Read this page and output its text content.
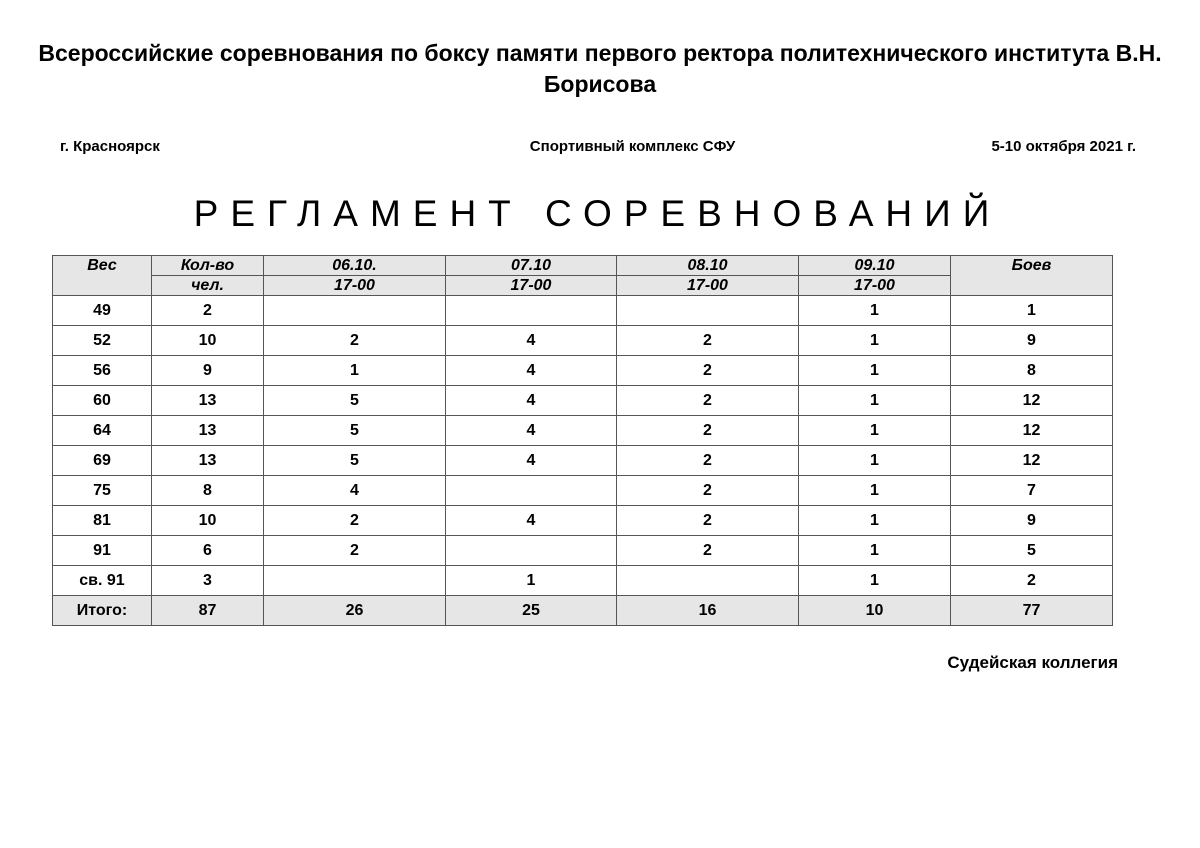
Всероссийские соревнования по боксу памяти первого ректора политехнического института В.Н. Борисова
г. Красноярск	Спортивный комплекс СФУ	5-10 октября 2021 г.
РЕГЛАМЕНТ СОРЕВНОВАНИЙ
Вес	Кол-во	06.10.	07.10	08.10	09.10	Боев
	чел.	17-00	17-00	17-00	17-00	
49	2				1	1
52	10	2	4	2	1	9
56	9	1	4	2	1	8
60	13	5	4	2	1	12
64	13	5	4	2	1	12
69	13	5	4	2	1	12
75	8	4		2	1	7
81	10	2	4	2	1	9
91	6	2		2	1	5
св. 91	3		1		1	2
Итого:	87	26	25	16	10	77
Судейская коллегия
